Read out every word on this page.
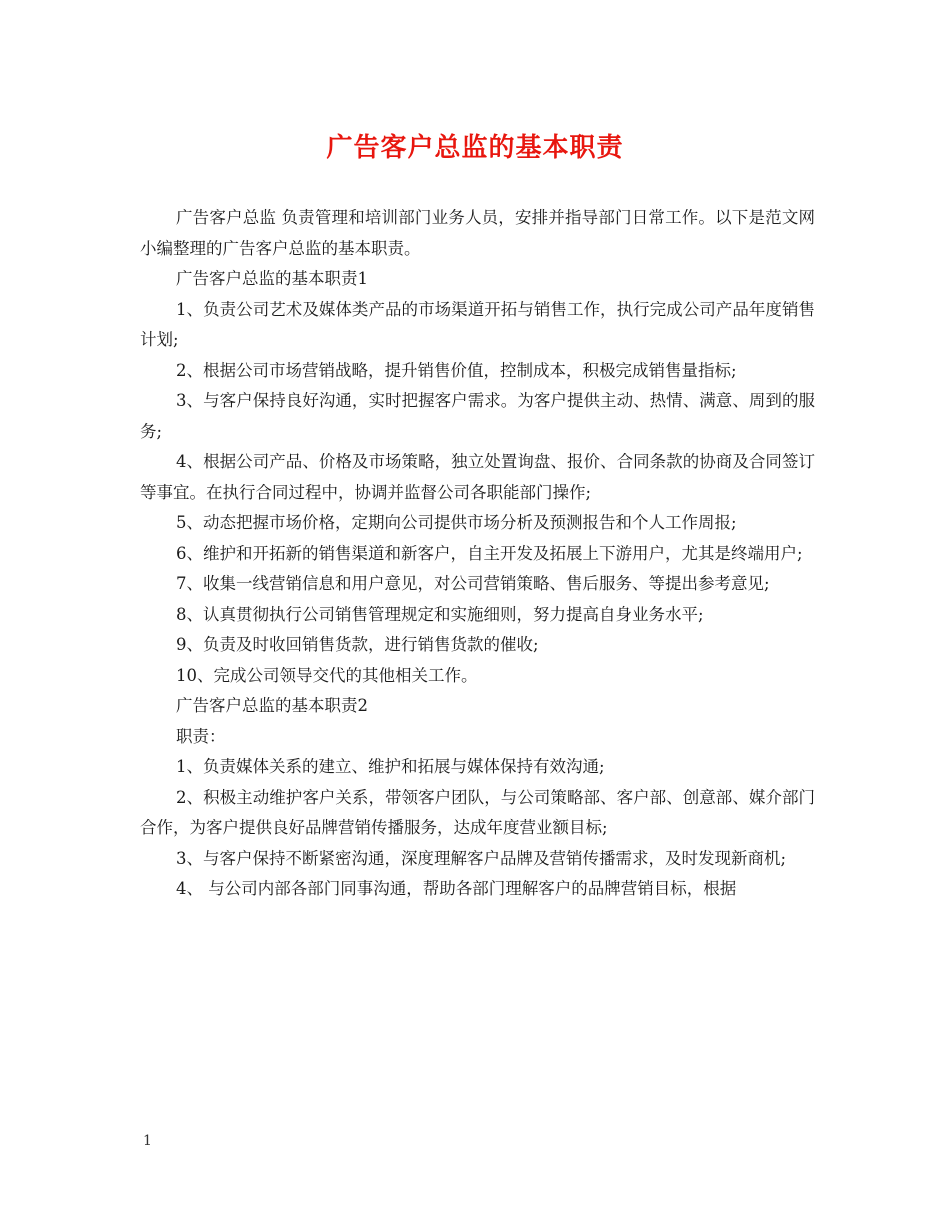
广告客户总监的基本职责

广告客户总监 负责管理和培训部门业务人员，安排并指导部门日常工作。以下是范文网小编整理的广告客户总监的基本职责。

广告客户总监的基本职责1

1、负责公司艺术及媒体类产品的市场渠道开拓与销售工作，执行完成公司产品年度销售计划;

2、根据公司市场营销战略，提升销售价值，控制成本，积极完成销售量指标;

3、与客户保持良好沟通，实时把握客户需求。为客户提供主动、热情、满意、周到的服务;

4、根据公司产品、价格及市场策略，独立处置询盘、报价、合同条款的协商及合同签订等事宜。在执行合同过程中，协调并监督公司各职能部门操作;

5、动态把握市场价格，定期向公司提供市场分析及预测报告和个人工作周报;

6、维护和开拓新的销售渠道和新客户，自主开发及拓展上下游用户，尤其是终端用户;

7、收集一线营销信息和用户意见，对公司营销策略、售后服务、等提出参考意见;

8、认真贯彻执行公司销售管理规定和实施细则，努力提高自身业务水平;

9、负责及时收回销售货款，进行销售货款的催收;

10、完成公司领导交代的其他相关工作。

广告客户总监的基本职责2

职责：

1、负责媒体关系的建立、维护和拓展与媒体保持有效沟通;

2、积极主动维护客户关系，带领客户团队，与公司策略部、客户部、创意部、媒介部门合作，为客户提供良好品牌营销传播服务，达成年度营业额目标;

3、与客户保持不断紧密沟通，深度理解客户品牌及营销传播需求，及时发现新商机;

4、 与公司内部各部门同事沟通，帮助各部门理解客户的品牌营销目标，根据

1
